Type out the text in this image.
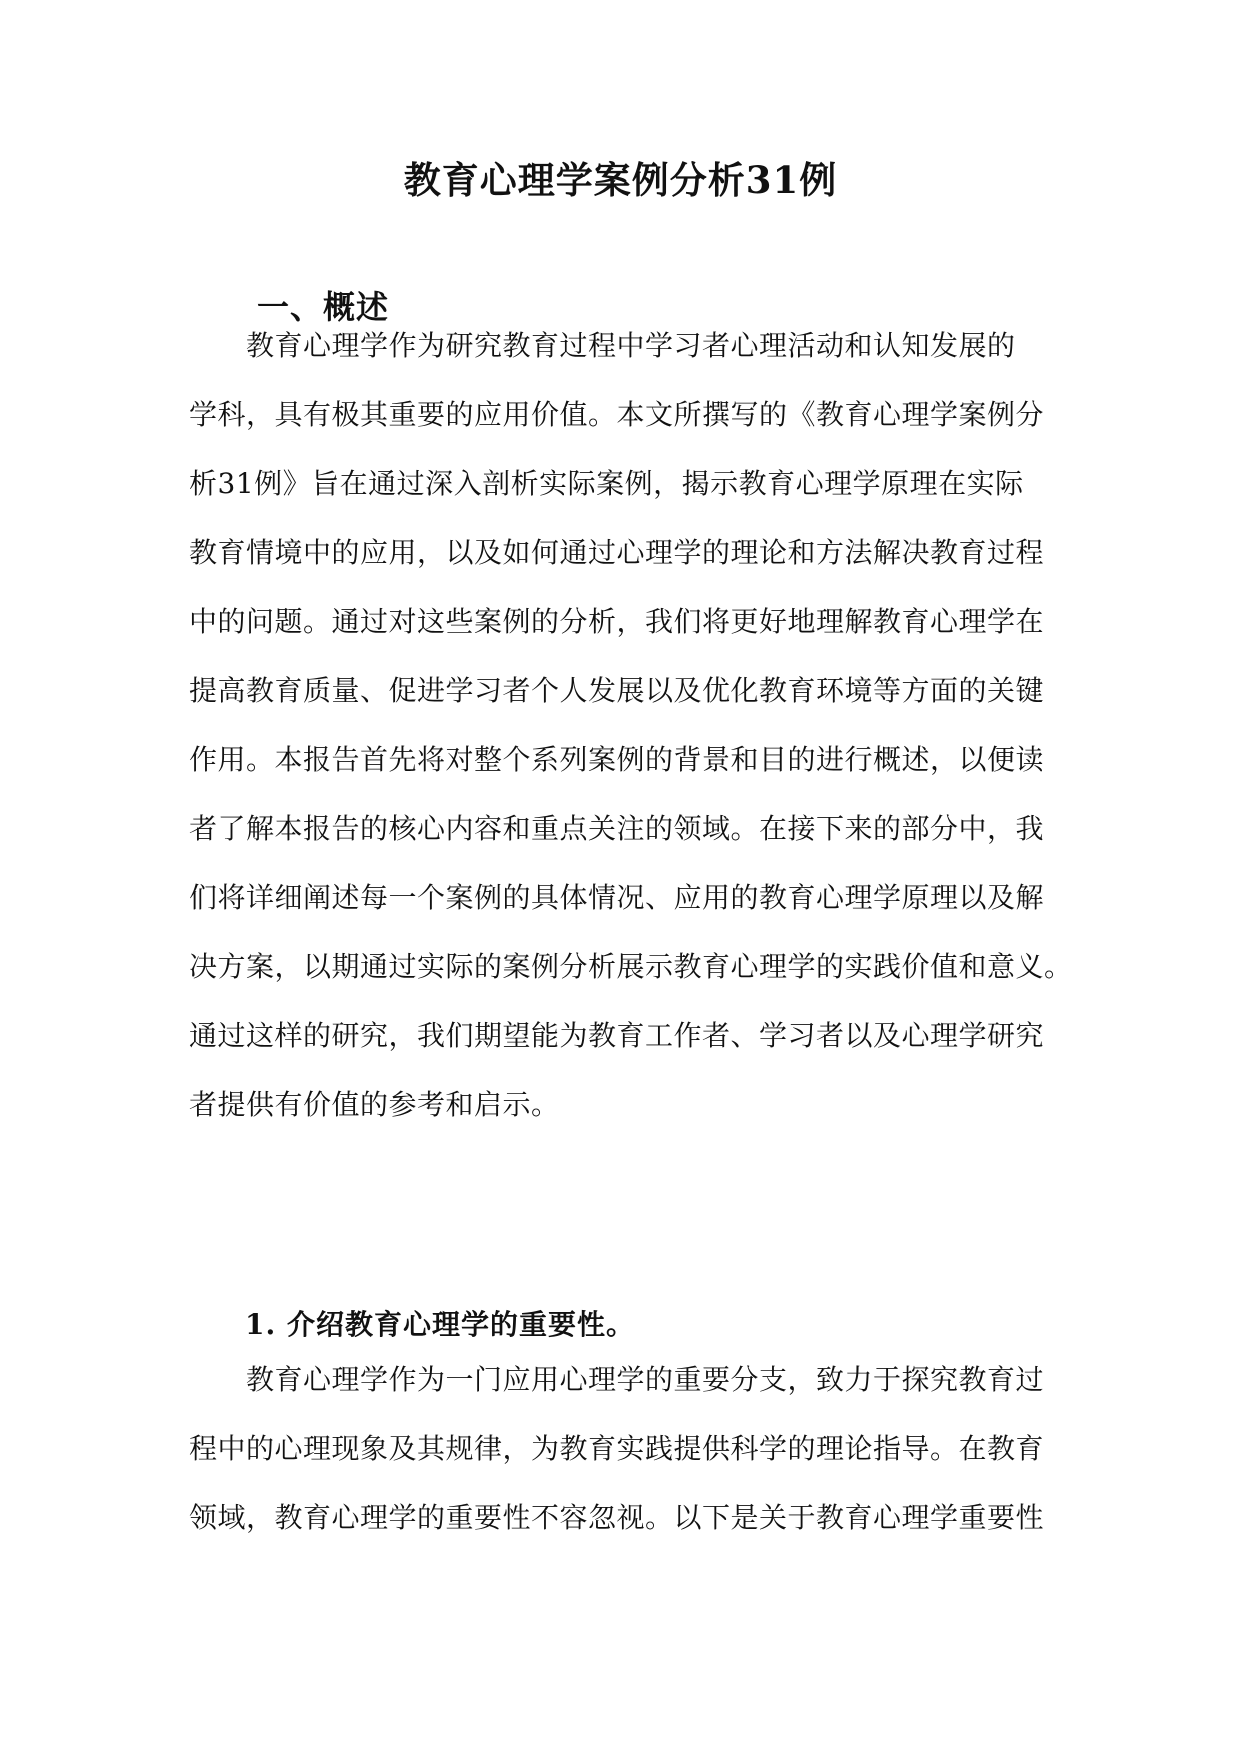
教育心理学案例分析31例
一、概述

教育心理学作为研究教育过程中学习者心理活动和认知发展的

学科，具有极其重要的应用价值。本文所撰写的《教育心理学案例分

析31例》旨在通过深入剖析实际案例，揭示教育心理学原理在实际

教育情境中的应用，以及如何通过心理学的理论和方法解决教育过程

中的问题。通过对这些案例的分析，我们将更好地理解教育心理学在

提高教育质量、促进学习者个人发展以及优化教育环境等方面的关键

作用。本报告首先将对整个系列案例的背景和目的进行概述，以便读

者了解本报告的核心内容和重点关注的领域。在接下来的部分中，我

们将详细阐述每一个案例的具体情况、应用的教育心理学原理以及解

决方案，以期通过实际的案例分析展示教育心理学的实践价值和意义。

通过这样的研究，我们期望能为教育工作者、学习者以及心理学研究

者提供有价值的参考和启示。

1. 介绍教育心理学的重要性。

教育心理学作为一门应用心理学的重要分支，致力于探究教育过

程中的心理现象及其规律，为教育实践提供科学的理论指导。在教育

领域，教育心理学的重要性不容忽视。以下是关于教育心理学重要性
